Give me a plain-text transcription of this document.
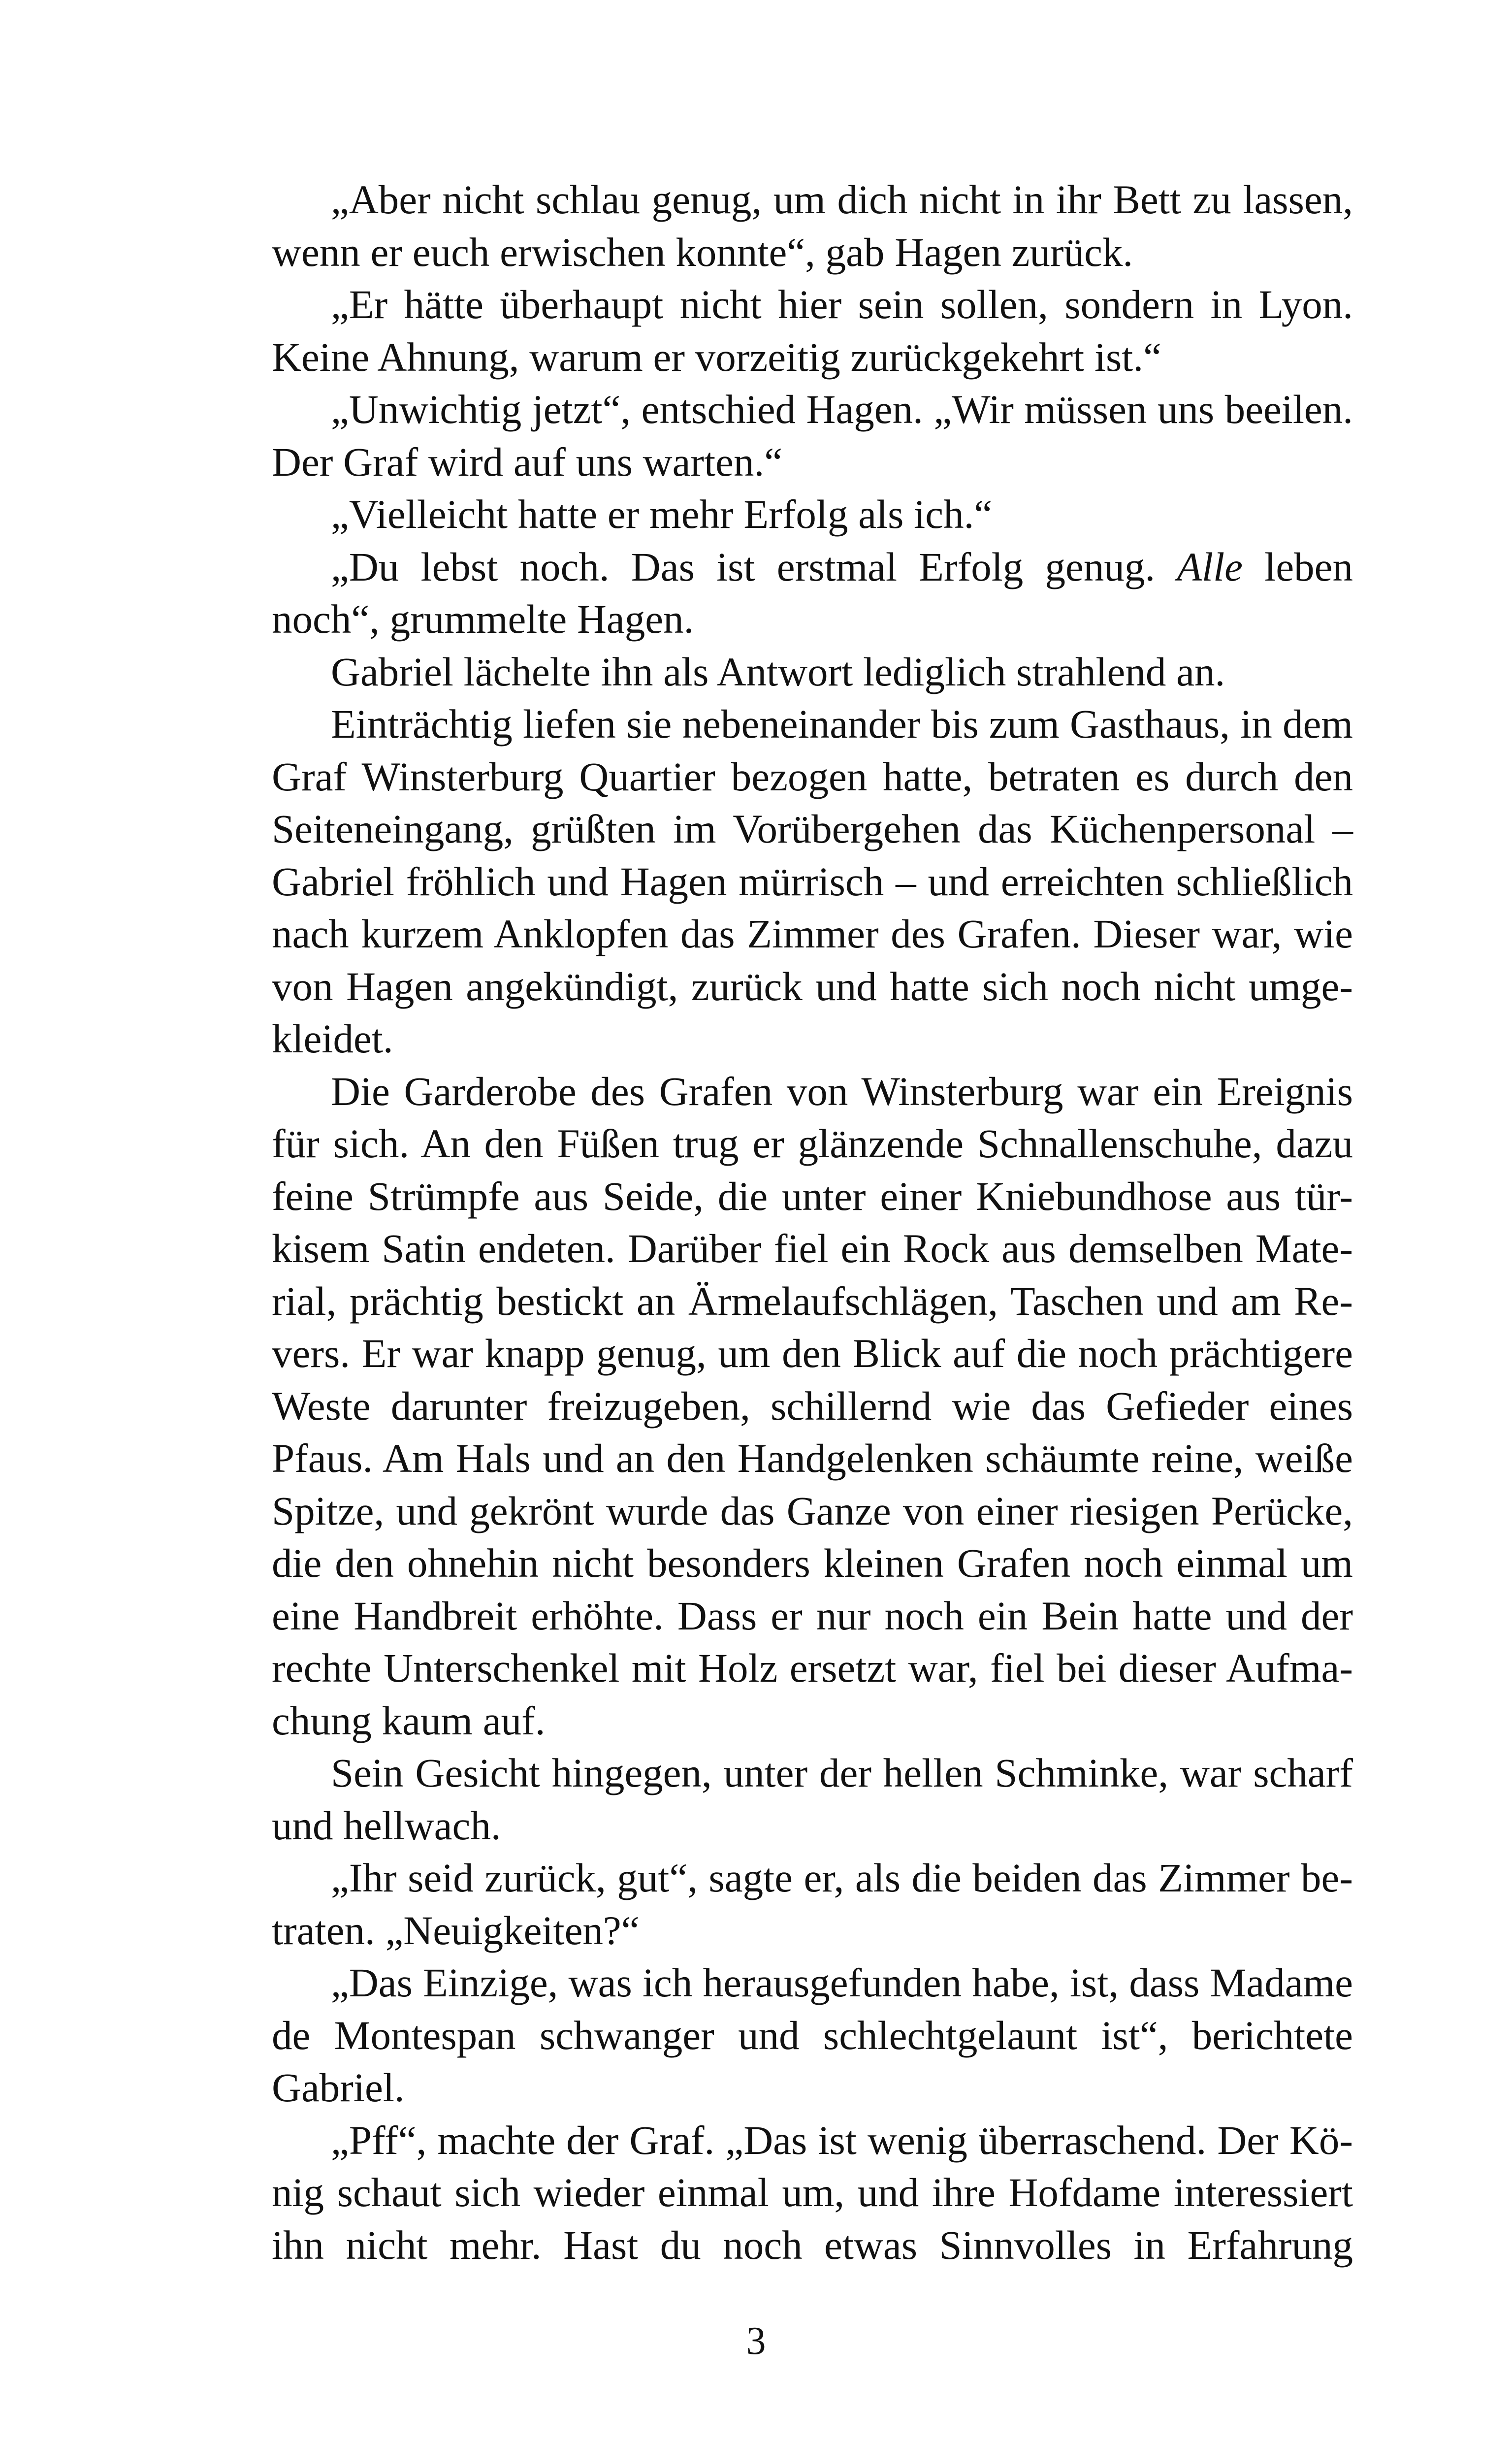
„Aber nicht schlau genug, um dich nicht in ihr Bett zu lassen,
wenn er euch erwischen konnte“, gab Hagen zurück.
„Er hätte überhaupt nicht hier sein sollen, sondern in Lyon.
Keine Ahnung, warum er vorzeitig zurückgekehrt ist.“
„Unwichtig jetzt“, entschied Hagen. „Wir müssen uns beeilen.
Der Graf wird auf uns warten.“
„Vielleicht hatte er mehr Erfolg als ich.“
„Du lebst noch. Das ist erstmal Erfolg genug. Alle leben
noch“, grummelte Hagen.
Gabriel lächelte ihn als Antwort lediglich strahlend an.
Einträchtig liefen sie nebeneinander bis zum Gasthaus, in dem
Graf Winsterburg Quartier bezogen hatte, betraten es durch den
Seiteneingang, grüßten im Vorübergehen das Küchenpersonal –
Gabriel fröhlich und Hagen mürrisch – und erreichten schließlich
nach kurzem Anklopfen das Zimmer des Grafen. Dieser war, wie
von Hagen angekündigt, zurück und hatte sich noch nicht umge-
kleidet.
Die Garderobe des Grafen von Winsterburg war ein Ereignis
für sich. An den Füßen trug er glänzende Schnallenschuhe, dazu
feine Strümpfe aus Seide, die unter einer Kniebundhose aus tür-
kisem Satin endeten. Darüber fiel ein Rock aus demselben Mate-
rial, prächtig bestickt an Ärmelaufschlägen, Taschen und am Re-
vers. Er war knapp genug, um den Blick auf die noch prächtigere
Weste darunter freizugeben, schillernd wie das Gefieder eines
Pfaus. Am Hals und an den Handgelenken schäumte reine, weiße
Spitze, und gekrönt wurde das Ganze von einer riesigen Perücke,
die den ohnehin nicht besonders kleinen Grafen noch einmal um
eine Handbreit erhöhte. Dass er nur noch ein Bein hatte und der
rechte Unterschenkel mit Holz ersetzt war, fiel bei dieser Aufma-
chung kaum auf.
Sein Gesicht hingegen, unter der hellen Schminke, war scharf
und hellwach.
„Ihr seid zurück, gut“, sagte er, als die beiden das Zimmer be-
traten. „Neuigkeiten?“
„Das Einzige, was ich herausgefunden habe, ist, dass Madame
de Montespan schwanger und schlechtgelaunt ist“, berichtete
Gabriel.
„Pff“, machte der Graf. „Das ist wenig überraschend. Der Kö-
nig schaut sich wieder einmal um, und ihre Hofdame interessiert
ihn nicht mehr. Hast du noch etwas Sinnvolles in Erfahrung
3
